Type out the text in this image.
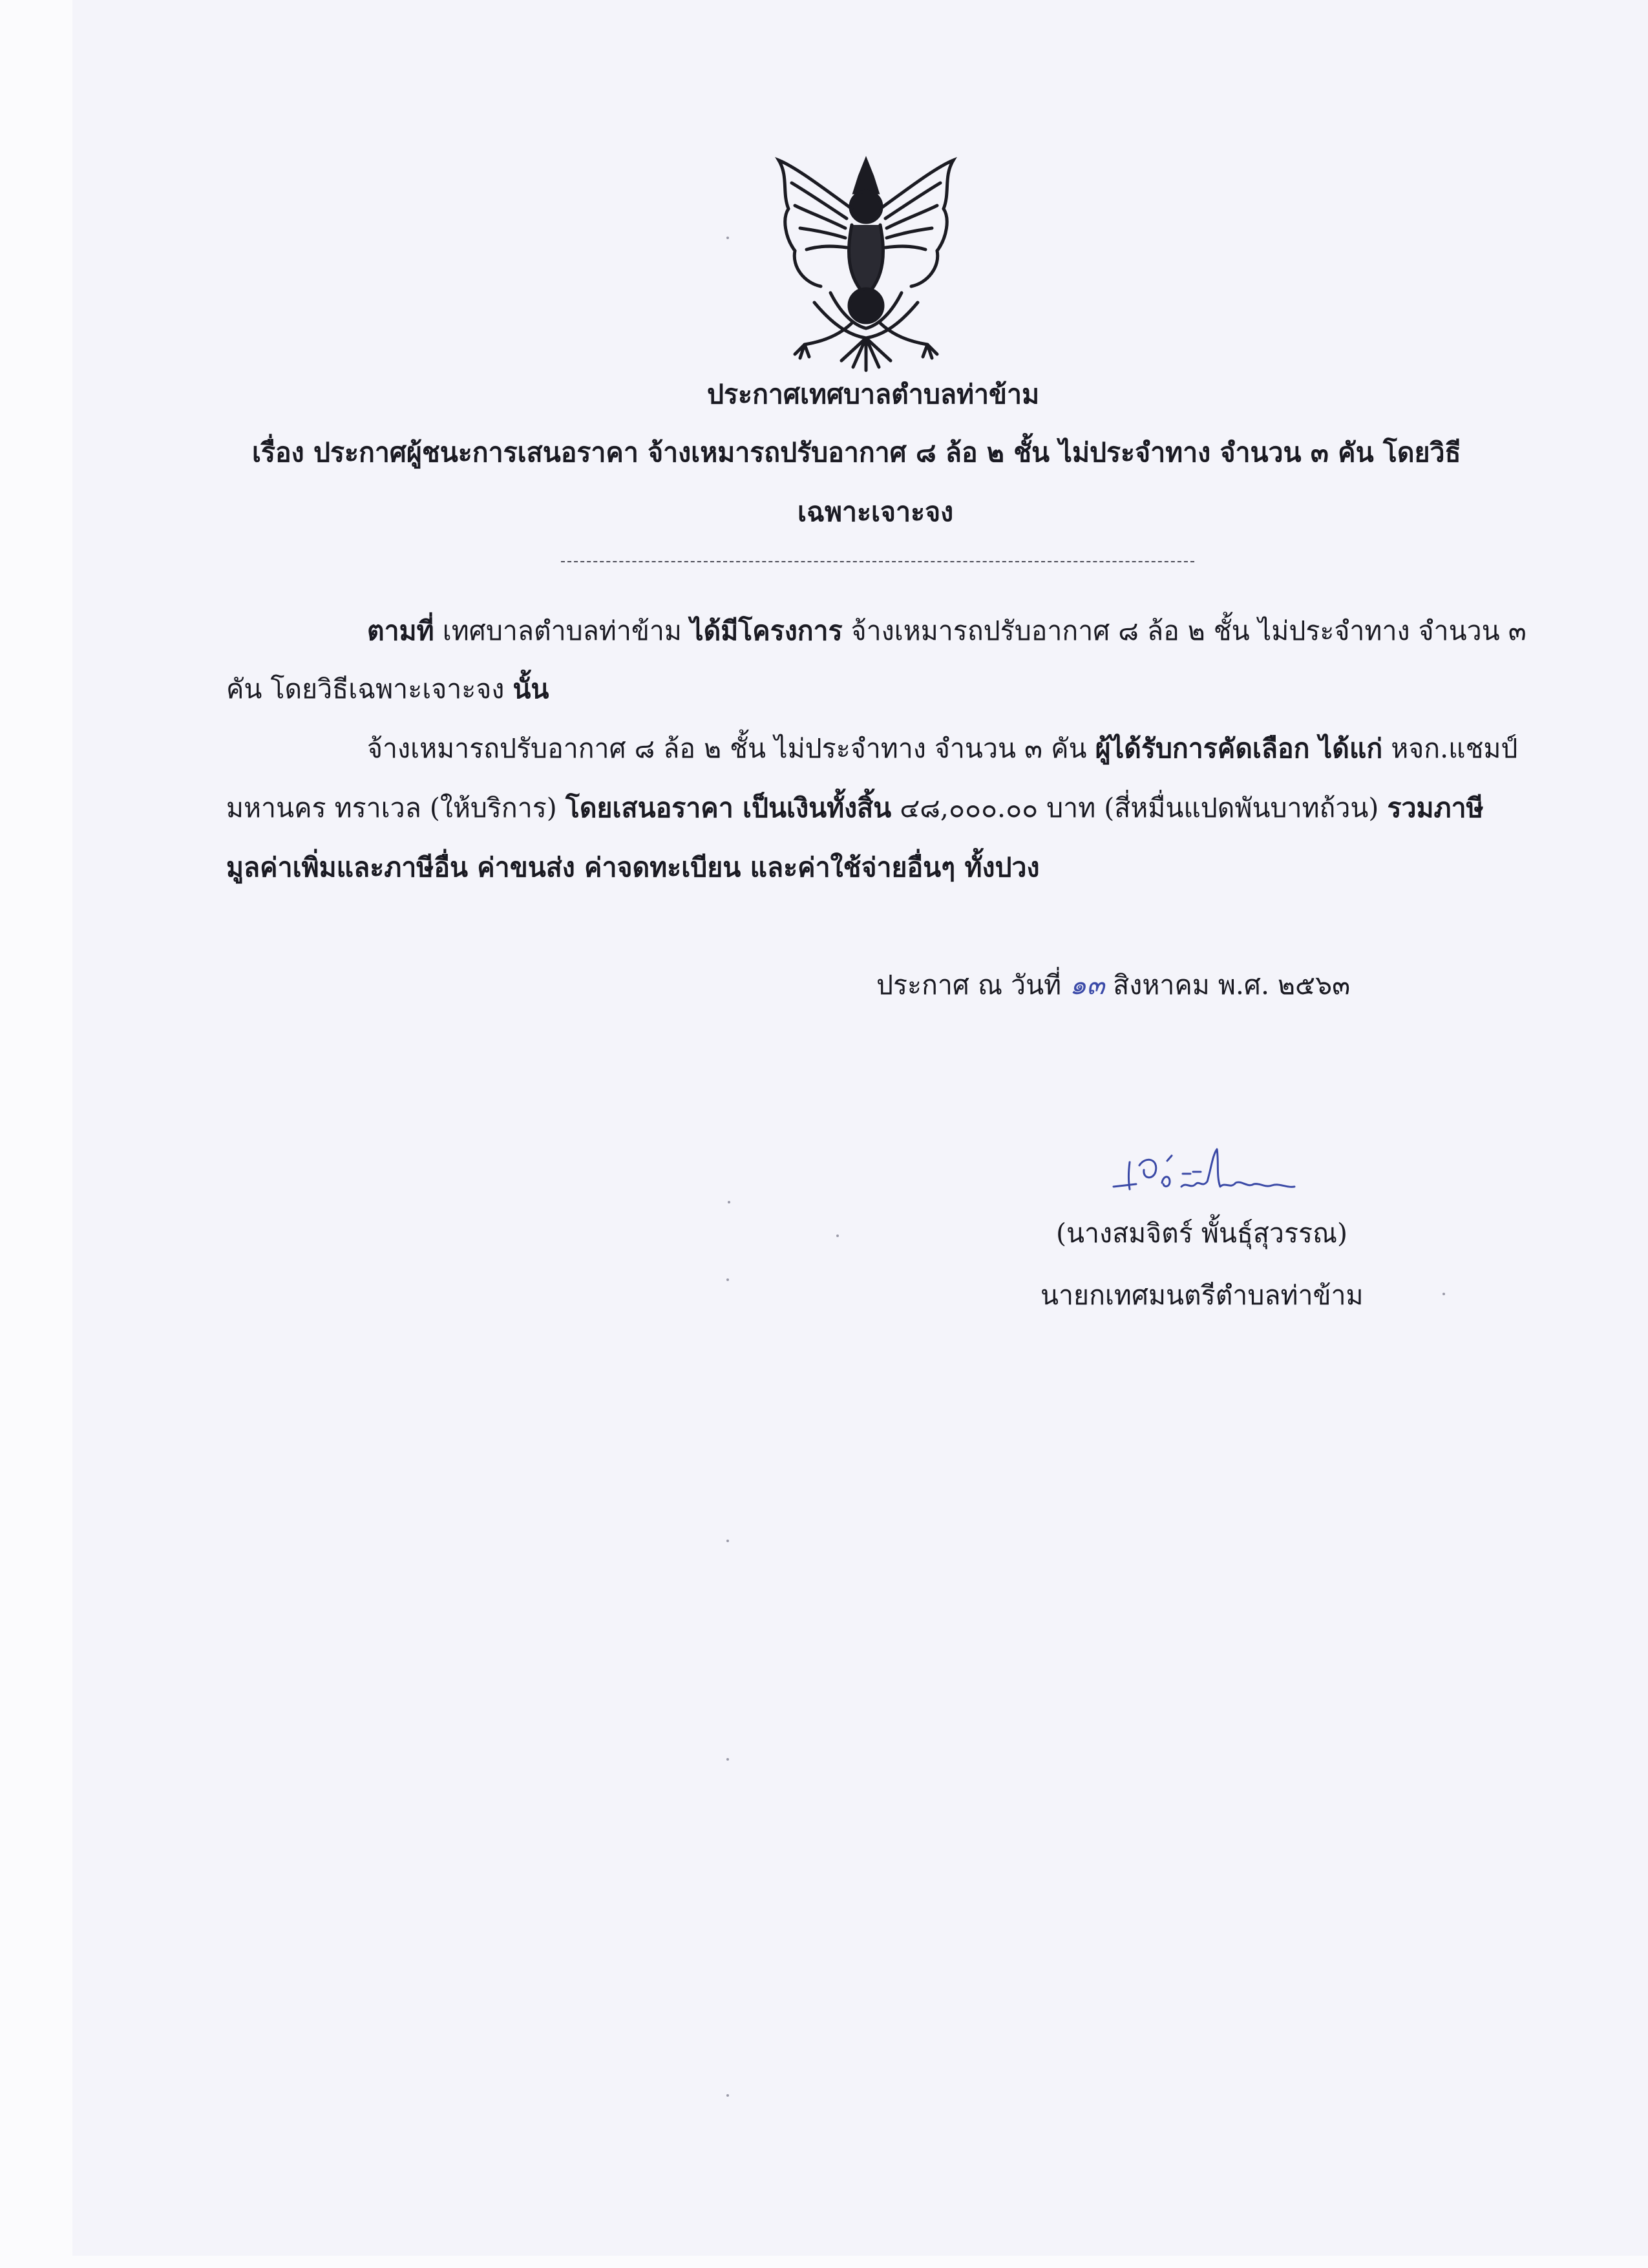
ประกาศเทศบาลตำบลท่าข้าม
เรื่อง ประกาศผู้ชนะการเสนอราคา จ้างเหมารถปรับอากาศ ๘ ล้อ ๒ ชั้น ไม่ประจำทาง จำนวน ๓ คัน โดยวิธี
เฉพาะเจาะจง
ตามที่ เทศบาลตำบลท่าข้าม ได้มีโครงการ จ้างเหมารถปรับอากาศ ๘ ล้อ ๒ ชั้น ไม่ประจำทาง จำนวน ๓
คัน โดยวิธีเฉพาะเจาะจง นั้น
จ้างเหมารถปรับอากาศ ๘ ล้อ ๒ ชั้น ไม่ประจำทาง จำนวน ๓ คัน ผู้ได้รับการคัดเลือก ได้แก่ หจก.แชมป์
มหานคร ทราเวล (ให้บริการ) โดยเสนอราคา เป็นเงินทั้งสิ้น ๔๘,๐๐๐.๐๐ บาท (สี่หมื่นแปดพันบาทถ้วน) รวมภาษี
มูลค่าเพิ่มและภาษีอื่น ค่าขนส่ง ค่าจดทะเบียน และค่าใช้จ่ายอื่นๆ ทั้งปวง
ประกาศ ณ วันที่ ๑๓ สิงหาคม พ.ศ. ๒๕๖๓
(นางสมจิตร์ พั้นธุ์สุวรรณ)
นายกเทศมนตรีตำบลท่าข้าม
